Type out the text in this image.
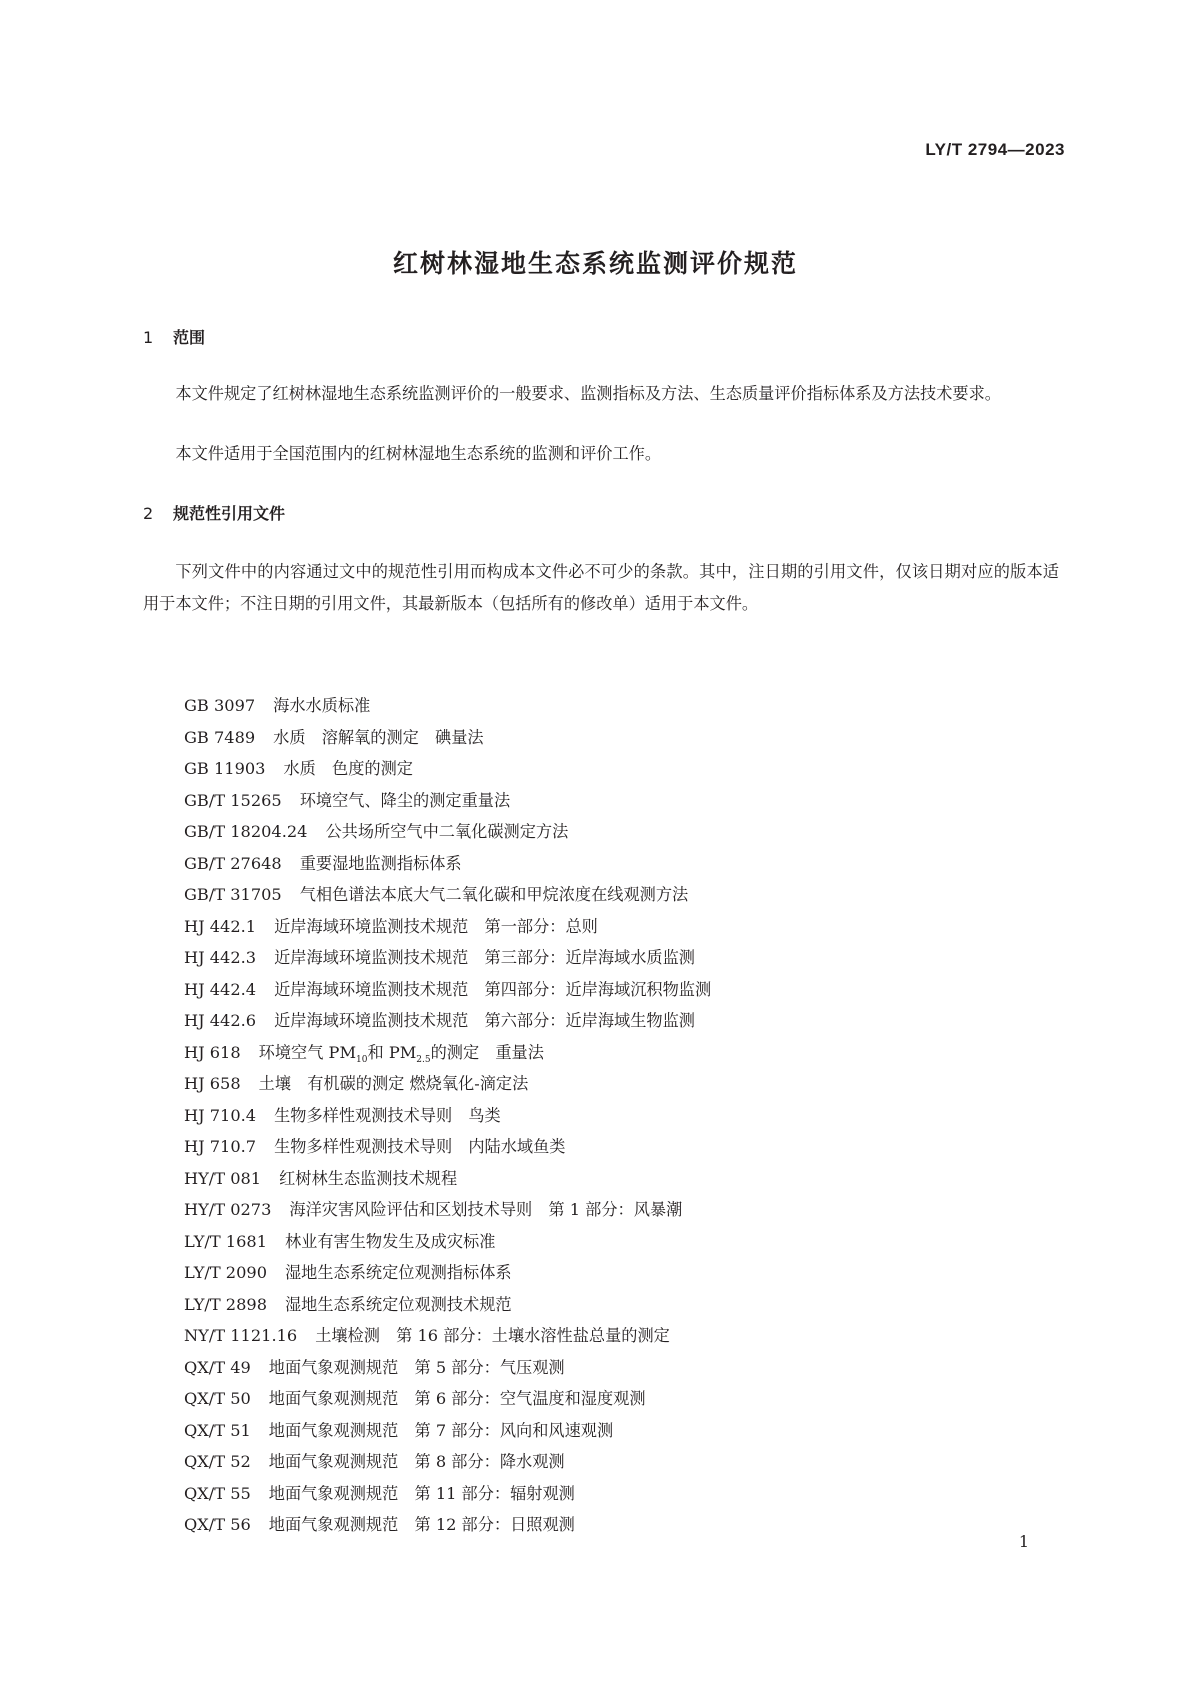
LY/T 2794—2023
红树林湿地生态系统监测评价规范
1 范围
本文件规定了红树林湿地生态系统监测评价的一般要求、监测指标及方法、生态质量评价指标体系及方法技术要求。
本文件适用于全国范围内的红树林湿地生态系统的监测和评价工作。
2 规范性引用文件
下列文件中的内容通过文中的规范性引用而构成本文件必不可少的条款。其中，注日期的引用文件，仅该日期对应的版本适用于本文件；不注日期的引用文件，其最新版本（包括所有的修改单）适用于本文件。
GB 3097 海水水质标准
GB 7489 水质　溶解氧的测定　碘量法
GB 11903 水质　色度的测定
GB/T 15265 环境空气、降尘的测定重量法
GB/T 18204.24 公共场所空气中二氧化碳测定方法
GB/T 27648 重要湿地监测指标体系
GB/T 31705 气相色谱法本底大气二氧化碳和甲烷浓度在线观测方法
HJ 442.1 近岸海域环境监测技术规范　第一部分：总则
HJ 442.3 近岸海域环境监测技术规范　第三部分：近岸海域水质监测
HJ 442.4 近岸海域环境监测技术规范　第四部分：近岸海域沉积物监测
HJ 442.6 近岸海域环境监测技术规范　第六部分：近岸海域生物监测
HJ 618 环境空气 $PM_{10}$和 $PM_{2.5}$的测定　重量法
HJ 658 土壤　有机碳的测定 燃烧氧化-滴定法
HJ 710.4 生物多样性观测技术导则　鸟类
HJ 710.7 生物多样性观测技术导则　内陆水域鱼类
HY/T 081 红树林生态监测技术规程
HY/T 0273 海洋灾害风险评估和区划技术导则　第 1 部分：风暴潮
LY/T 1681 林业有害生物发生及成灾标准
LY/T 2090 湿地生态系统定位观测指标体系
LY/T 2898 湿地生态系统定位观测技术规范
NY/T 1121.16 土壤检测　第 16 部分：土壤水溶性盐总量的测定
QX/T 49 地面气象观测规范　第 5 部分：气压观测
QX/T 50 地面气象观测规范　第 6 部分：空气温度和湿度观测
QX/T 51 地面气象观测规范　第 7 部分：风向和风速观测
QX/T 52 地面气象观测规范　第 8 部分：降水观测
QX/T 55 地面气象观测规范　第 11 部分：辐射观测
QX/T 56 地面气象观测规范　第 12 部分：日照观测
1
